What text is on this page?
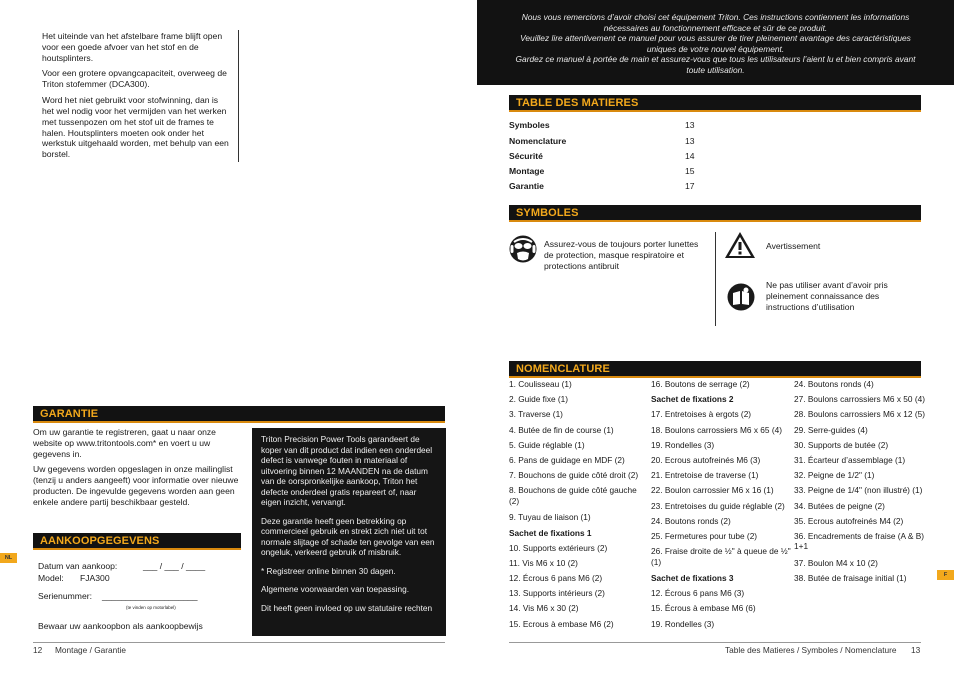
Het uiteinde van het afstelbare frame blijft open voor een goede afvoer van het stof en de houtsplinters.

Voor een grotere opvangcapaciteit, overweeg de Triton stofemmer (DCA300).

Word het niet gebruikt voor stofwinning, dan is het wel nodig voor het vermijden van het werken met tussenpozen om het stof uit de frames te halen. Houtsplinters moeten ook onder het werkstuk uitgehaald worden, met behulp van een borstel.

GARANTIE

Om uw garantie te registreren, gaat u naar onze website op www.tritontools.com* en voert u uw gegevens in.

Uw gegevens worden opgeslagen in onze mailinglist (tenzij u anders aangeeft) voor informatie over nieuwe producten. De ingevulde gegevens worden aan geen enkele andere partij beschikbaar gesteld.

Triton Precision Power Tools garandeert de koper van dit product dat indien een onderdeel defect is vanwege fouten in materiaal of uitvoering binnen 12 MAANDEN na de datum van de oorspronkelijke aankoop, Triton het defecte onderdeel gratis repareert of, naar eigen inzicht, vervangt.

Deze garantie heeft geen betrekking op commercieel gebruik en strekt zich niet uit tot normale slijtage of schade ten gevolge van een ongeluk, verkeerd gebruik of misbruik.

* Registreer online binnen 30 dagen.

Algemene voorwaarden van toepassing.

Dit heeft geen invloed op uw statutaire rechten

AANKOOPGEGEVENS
Datum van aankoop:	___ / ___ / ____
Model: FJA300
Serienummer: ____________________
(te vinden op motorlabel)
Bewaar uw aankoopbon als aankoopbewijs
NL
12 Montage / Garantie
Nous vous remercions d’avoir choisi cet équipement Triton. Ces instructions contiennent les informations
nécessaires au fonctionnement efficace et sûr de ce produit.
Veuillez lire attentivement ce manuel pour vous assurer de tirer pleinement avantage des caractéristiques
uniques de votre nouvel équipement.
Gardez ce manuel à portée de main et assurez-vous que tous les utilisateurs l’aient lu et bien compris avant
toute utilisation.
TABLE DES MATIERES
Symboles	13
Nomenclature	13
Sécurité	14
Montage	15
Garantie	17
SYMBOLES
Assurez-vous de toujours porter lunettes de protection, masque respiratoire et protections antibruit
Avertissement
Ne pas utiliser avant d’avoir pris pleinement connaissance des instructions d’utilisation
NOMENCLATURE
1. Coulisseau (1)
2. Guide fixe (1)
3. Traverse (1)
4. Butée de fin de course (1)
5. Guide réglable (1)
6. Pans de guidage en MDF (2)
7. Bouchons de guide côté droit (2)
8. Bouchons de guide côté gauche (2)
9. Tuyau de liaison (1)
Sachet de fixations 1
10. Supports extérieurs (2)
11. Vis M6 x 10 (2)
12. Écrous 6 pans M6 (2)
13. Supports intérieurs (2)
14. Vis M6 x 30 (2)
15. Ecrous à embase M6 (2)
16. Boutons de serrage (2)
Sachet de fixations 2
17. Entretoises à ergots (2)
18. Boulons carrossiers M6 x 65 (4)
19. Rondelles (3)
20. Ecrous autofreinés M6 (3)
21. Entretoise de traverse (1)
22. Boulon carrossier M6 x 16 (1)
23. Entretoises du guide réglable (2)
24. Boutons ronds (2)
25. Fermetures pour tube (2)
26. Fraise droite de ½" à queue de ½" (1)
Sachet de fixations 3
12. Écrous 6 pans M6 (3)
15. Écrous à embase M6 (6)
19. Rondelles (3)
24. Boutons ronds (4)
27. Boulons carrossiers M6 x 50 (4)
28. Boulons carrossiers M6 x 12 (5)
29. Serre-guides (4)
30. Supports de butée (2)
31. Écarteur d’assemblage (1)
32. Peigne de 1/2" (1)
33. Peigne de 1/4" (non illustré) (1)
34. Butées de peigne (2)
35. Ecrous autofreinés M4 (2)
36. Encadrements de fraise (A & B) 1+1
37. Boulon M4 x 10 (2)
38. Butée de fraisage initial (1)	F
Table des Matieres / Symboles / Nomenclature 13
